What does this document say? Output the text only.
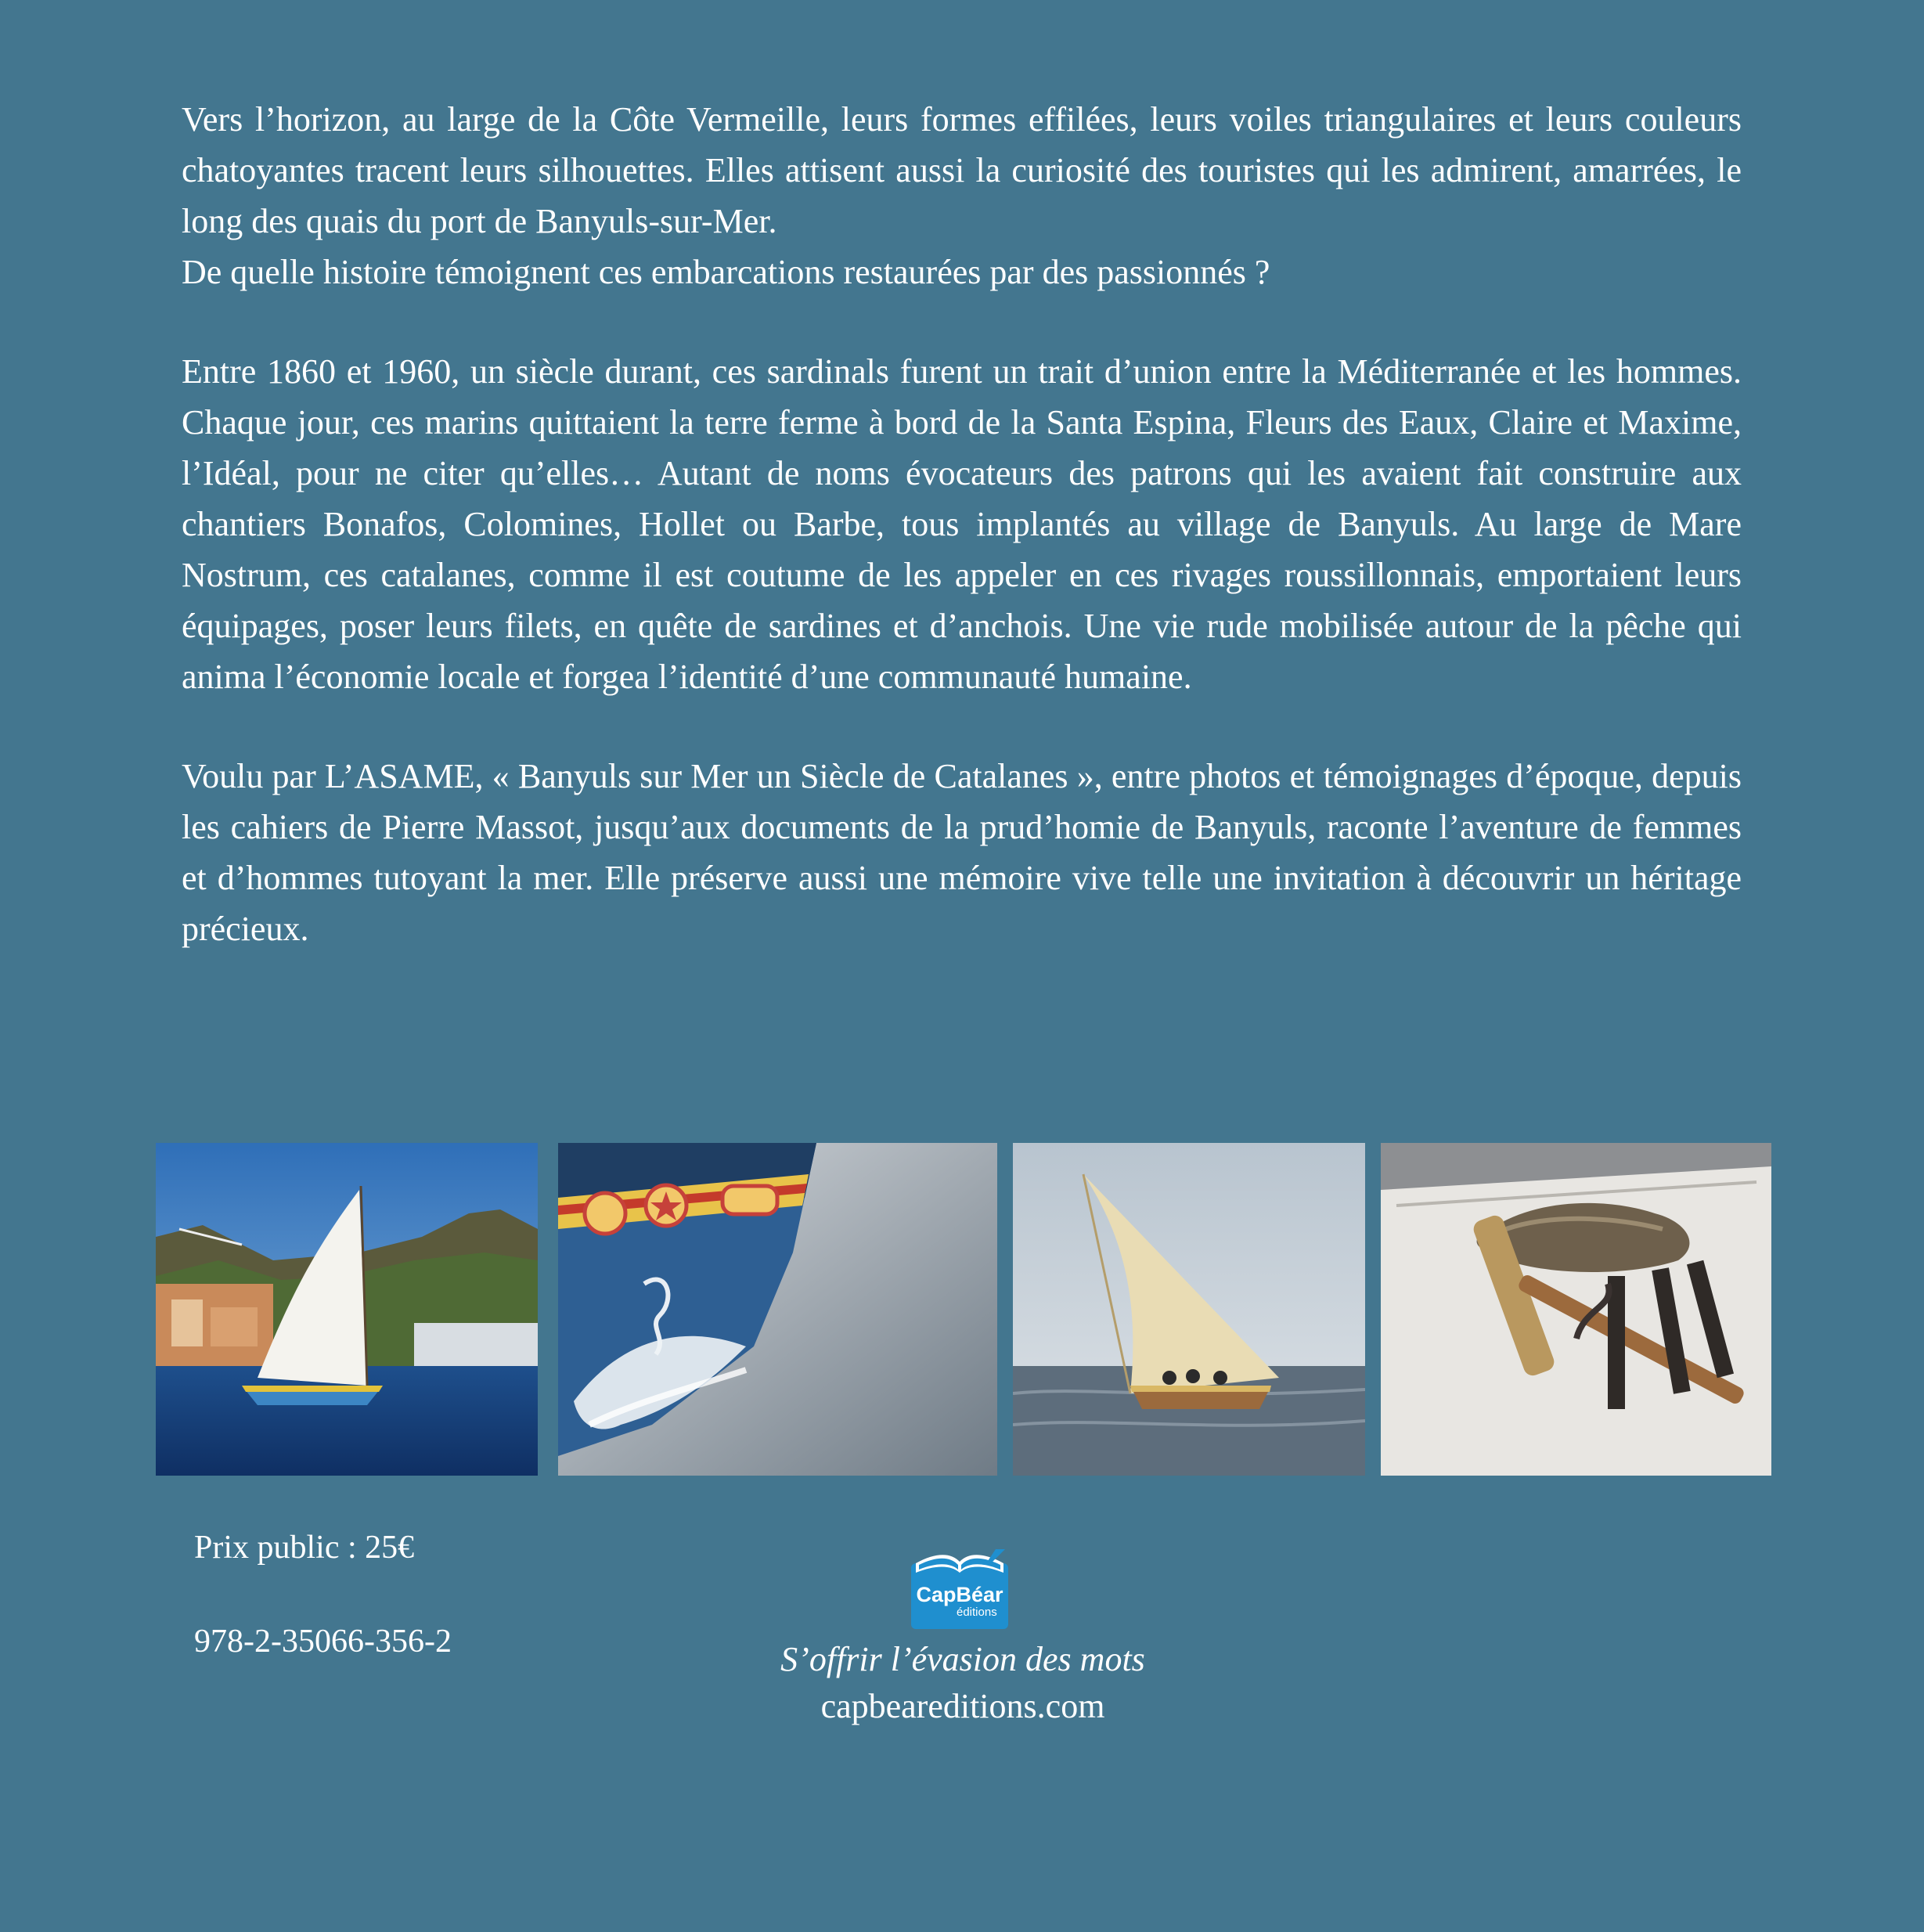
Vers l’horizon, au large de la Côte Vermeille, leurs formes effilées, leurs voiles triangulaires et leurs couleurs chatoyantes tracent leurs silhouettes. Elles attisent aussi la curiosité des touristes qui les admirent, amarrées, le long des quais du port de Banyuls-sur-Mer.

De quelle histoire témoignent ces embarcations restaurées par des passionnés ?

Entre 1860 et 1960, un siècle durant, ces sardinals furent un trait d’union entre la Méditerranée et les hommes. Chaque jour, ces marins quittaient la terre ferme à bord de la Santa Espina, Fleurs des Eaux, Claire et Maxime, l’Idéal, pour ne citer qu’elles… Autant de noms évocateurs des patrons qui les avaient fait construire aux chantiers Bonafos, Colomines, Hollet ou Barbe, tous implantés au village de Banyuls. Au large de Mare Nostrum, ces catalanes, comme il est coutume de les appeler en ces rivages roussillonnais, emportaient leurs équipages, poser leurs filets, en quête de sardines et d’anchois. Une vie rude mobilisée autour de la pêche qui anima l’économie locale et forgea l’identité d’une communauté humaine.

Voulu par L’ASAME, « Banyuls sur Mer un Siècle de Catalanes », entre photos et témoignages d’époque, depuis les cahiers de Pierre Massot, jusqu’aux documents de la prud’homie de Banyuls, raconte l’aventure de femmes et d’hommes tutoyant la mer. Elle préserve aussi une mémoire vive telle une invitation à découvrir un héritage précieux.

Prix public : 25€
978-2-35066-356-2
CapBéar
éditions
S’offrir l’évasion des mots
capbeareditions.com
